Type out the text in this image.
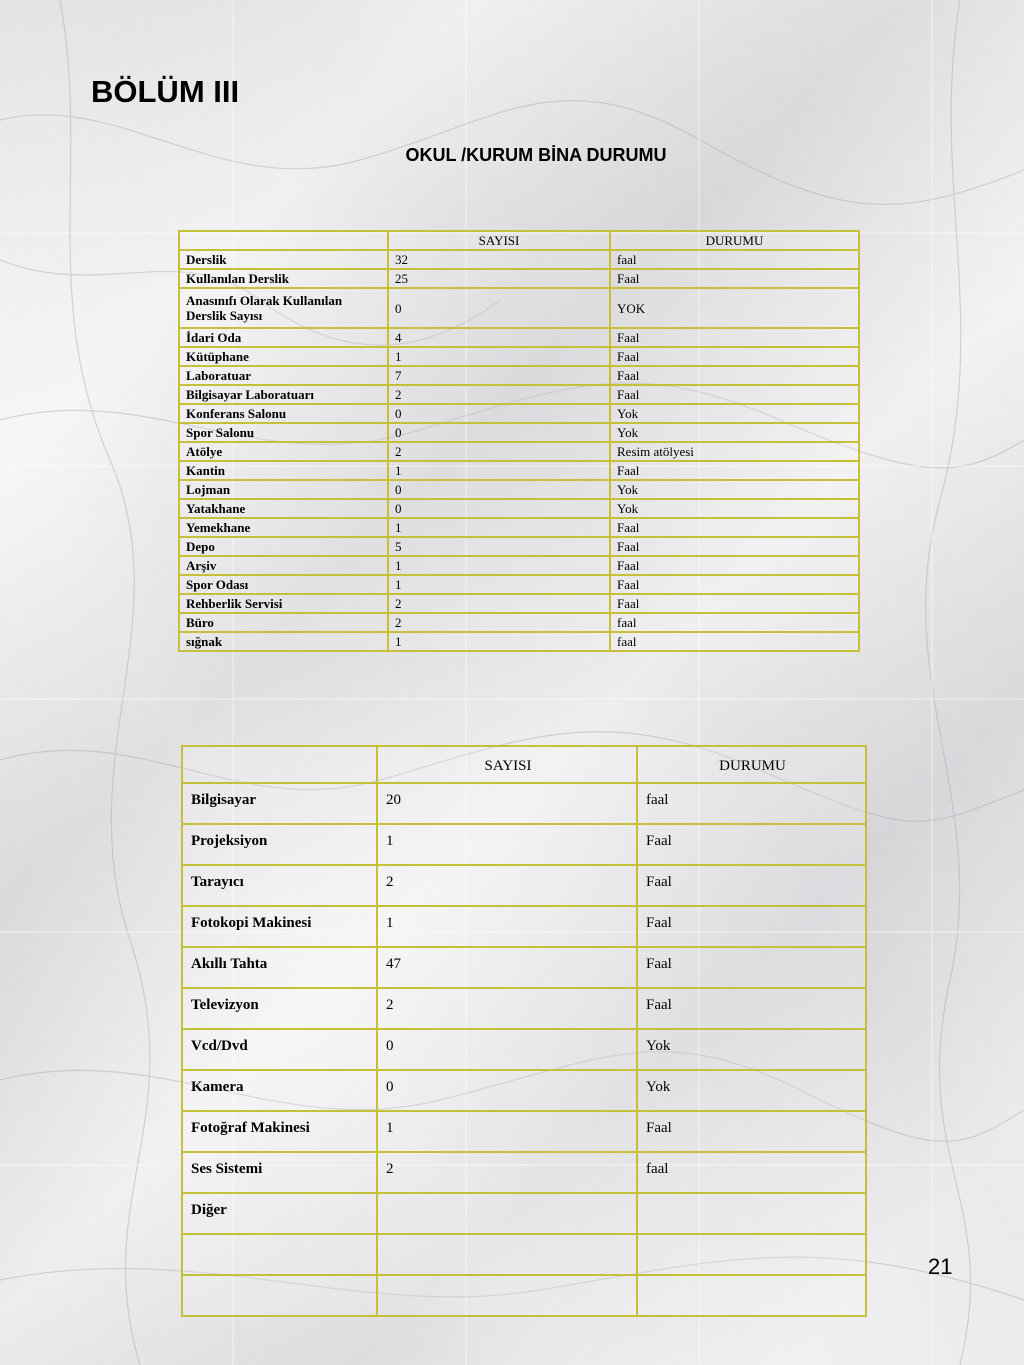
BÖLÜM III
OKUL /KURUM BİNA DURUMU
	SAYISI	DURUMU
Derslik	32	faal
Kullanılan Derslik	25	Faal
Anasınıfı Olarak Kullanılan Derslik Sayısı	0	YOK
İdari Oda	4	Faal
Kütüphane	1	Faal
Laboratuar	7	Faal
Bilgisayar Laboratuarı	2	Faal
Konferans Salonu	0	Yok
Spor Salonu	0	Yok
Atölye	2	Resim atölyesi
Kantin	1	Faal
Lojman	0	Yok
Yatakhane	0	Yok
Yemekhane	1	Faal
Depo	5	Faal
Arşiv	1	Faal
Spor Odası	1	Faal
Rehberlik Servisi	2	Faal
Büro	2	faal
sığnak	1	faal
	SAYISI	DURUMU
Bilgisayar	20	faal
Projeksiyon	1	Faal
Tarayıcı	2	Faal
Fotokopi Makinesi	1	Faal
Akıllı Tahta	47	Faal
Televizyon	2	Faal
Vcd/Dvd	0	Yok
Kamera	0	Yok
Fotoğraf Makinesi	1	Faal
Ses Sistemi	2	faal
Diğer		

21
